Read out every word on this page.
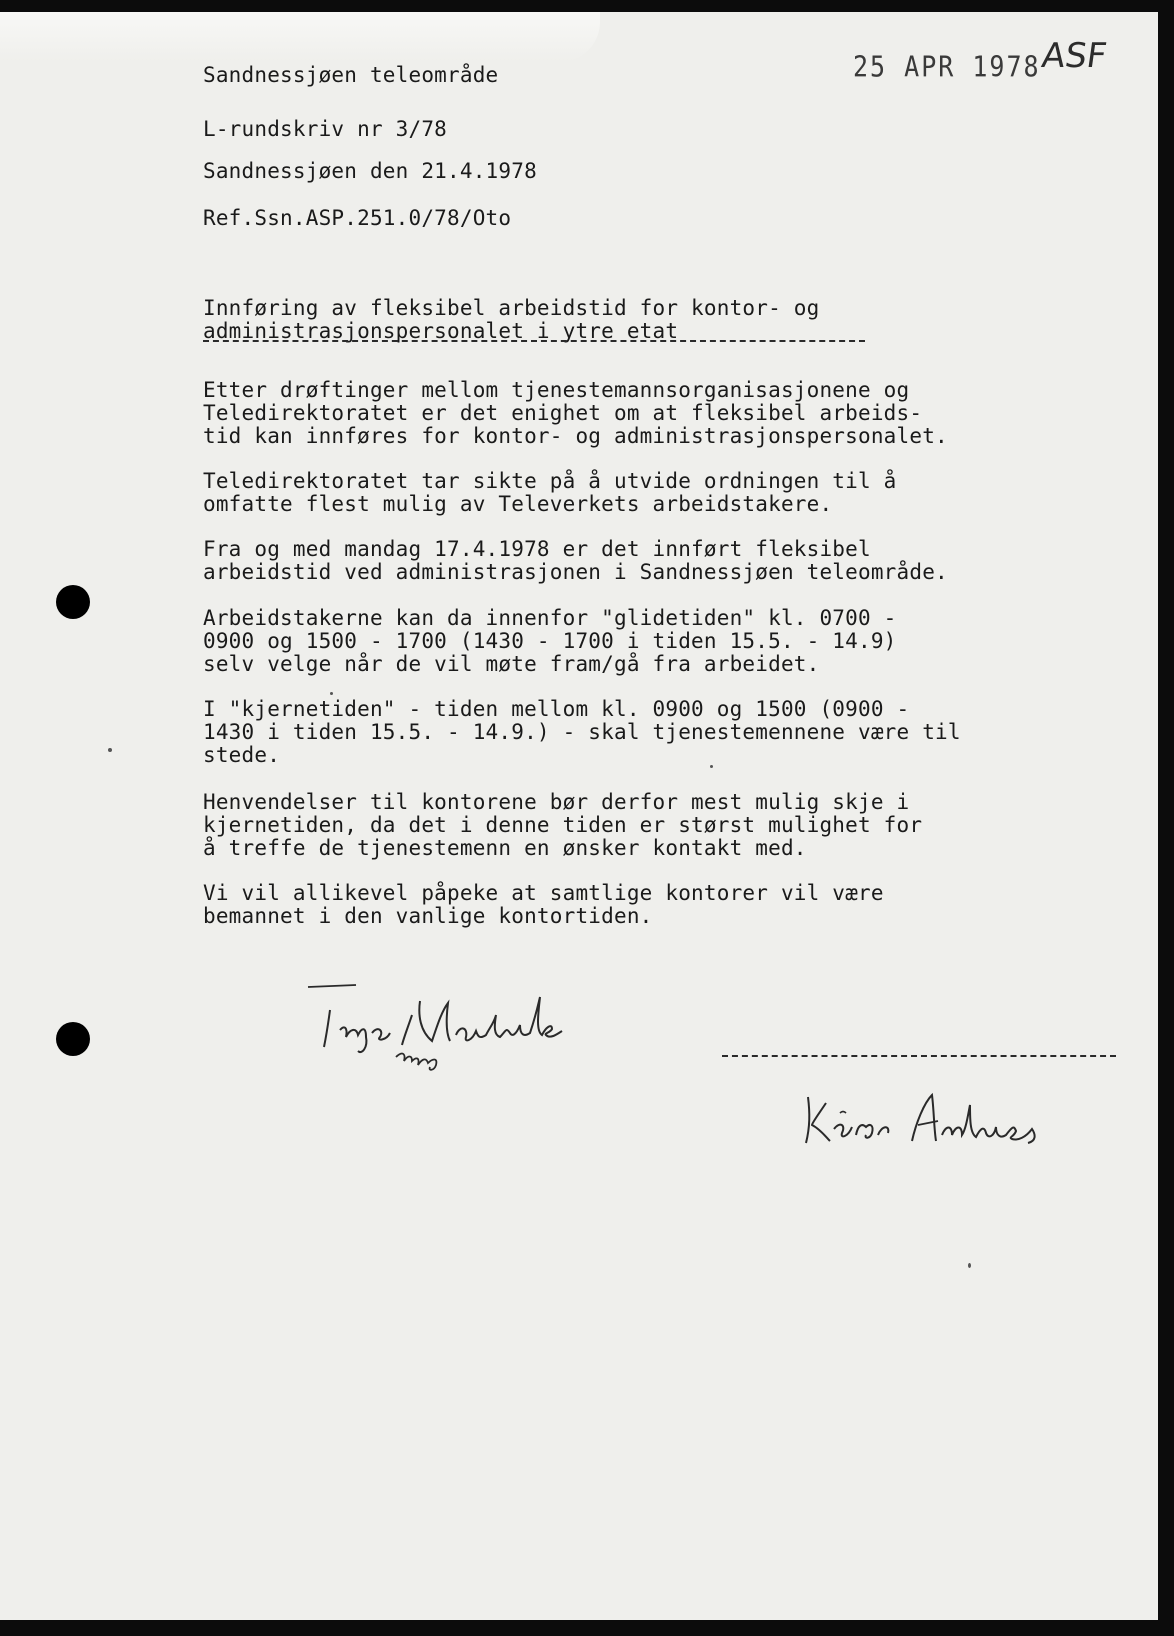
25 APR 1978
ASF
Sandnessjøen teleområde
L-rundskriv nr 3/78
Sandnessjøen den 21.4.1978
Ref.Ssn.ASP.251.0/78/Oto
Innføring av fleksibel arbeidstid for kontor- og
administrasjonspersonalet i ytre etat
Etter drøftinger mellom tjenestemannsorganisasjonene og
Teledirektoratet er det enighet om at fleksibel arbeids-
tid kan innføres for kontor- og administrasjonspersonalet.
Teledirektoratet tar sikte på å utvide ordningen til å
omfatte flest mulig av Televerkets arbeidstakere.
Fra og med mandag 17.4.1978 er det innført fleksibel
arbeidstid ved administrasjonen i Sandnessjøen teleområde.
Arbeidstakerne kan da innenfor "glidetiden" kl. 0700 -
0900 og 1500 - 1700 (1430 - 1700 i tiden 15.5. - 14.9)
selv velge når de vil møte fram/gå fra arbeidet.
I "kjernetiden" - tiden mellom kl. 0900 og 1500 (0900 -
1430 i tiden 15.5. - 14.9.) - skal tjenestemennene være til
stede.
Henvendelser til kontorene bør derfor mest mulig skje i
kjernetiden, da det i denne tiden er størst mulighet for
å treffe de tjenestemenn en ønsker kontakt med.
Vi vil allikevel påpeke at samtlige kontorer vil være
bemannet i den vanlige kontortiden.
